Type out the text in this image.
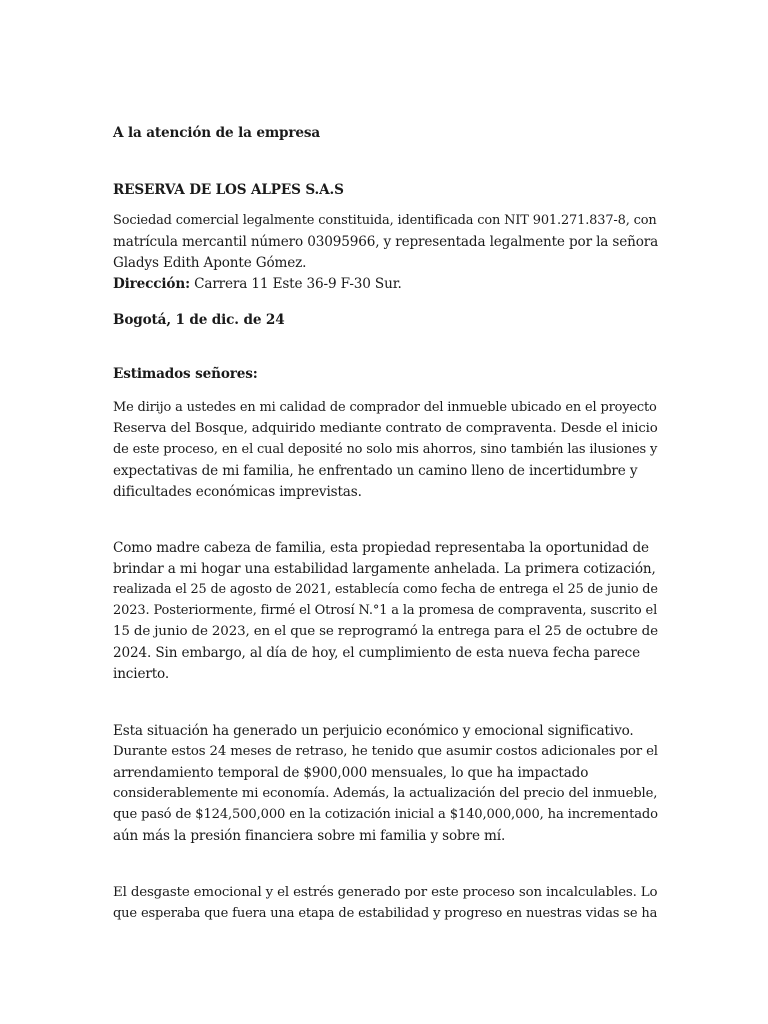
A la atención de la empresa
RESERVA DE LOS ALPES S.A.S
Sociedad comercial legalmente constituida, identificada con NIT 901.271.837-8, con
matrícula mercantil número 03095966, y representada legalmente por la señora
Gladys Edith Aponte Gómez.
Dirección: Carrera 11 Este 36-9 F-30 Sur.
Bogotá, 1 de dic. de 24
Estimados señores:
Me dirijo a ustedes en mi calidad de comprador del inmueble ubicado en el proyecto
Reserva del Bosque, adquirido mediante contrato de compraventa. Desde el inicio
de este proceso, en el cual deposité no solo mis ahorros, sino también las ilusiones y
expectativas de mi familia, he enfrentado un camino lleno de incertidumbre y
dificultades económicas imprevistas.
Como madre cabeza de familia, esta propiedad representaba la oportunidad de
brindar a mi hogar una estabilidad largamente anhelada. La primera cotización,
realizada el 25 de agosto de 2021, establecía como fecha de entrega el 25 de junio de
2023. Posteriormente, firmé el Otrosí N.°1 a la promesa de compraventa, suscrito el
15 de junio de 2023, en el que se reprogramó la entrega para el 25 de octubre de
2024. Sin embargo, al día de hoy, el cumplimiento de esta nueva fecha parece
incierto.
Esta situación ha generado un perjuicio económico y emocional significativo.
Durante estos 24 meses de retraso, he tenido que asumir costos adicionales por el
arrendamiento temporal de $900,000 mensuales, lo que ha impactado
considerablemente mi economía. Además, la actualización del precio del inmueble,
que pasó de $124,500,000 en la cotización inicial a $140,000,000, ha incrementado
aún más la presión financiera sobre mi familia y sobre mí.
El desgaste emocional y el estrés generado por este proceso son incalculables. Lo
que esperaba que fuera una etapa de estabilidad y progreso en nuestras vidas se ha
